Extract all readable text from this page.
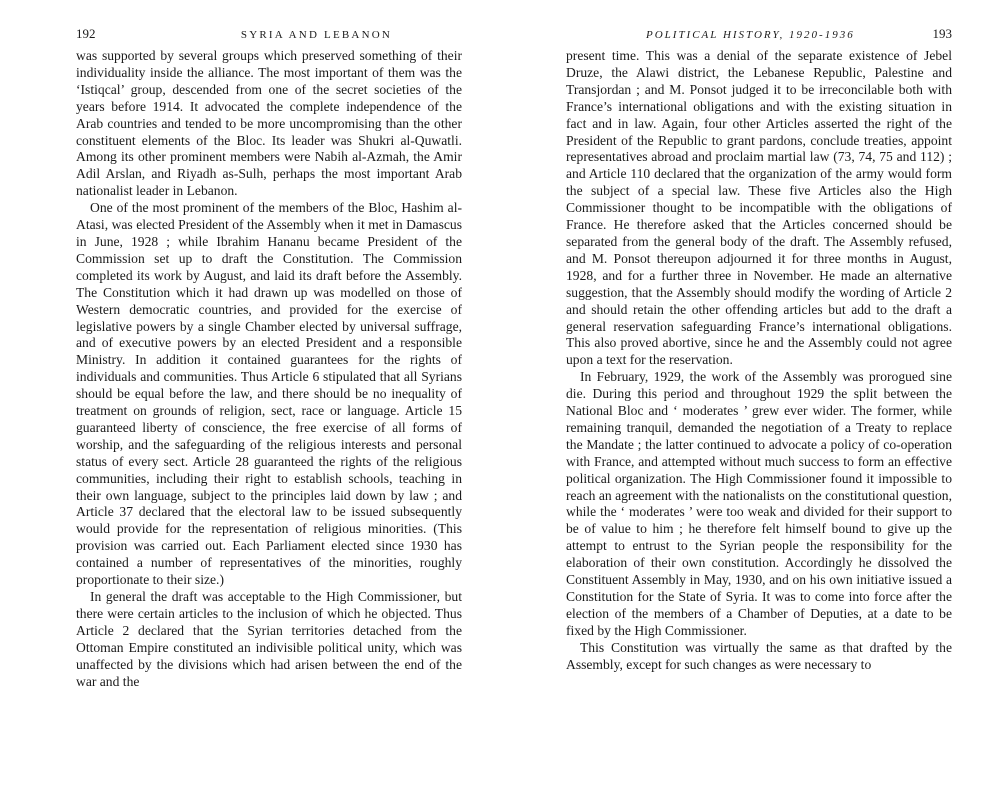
192	SYRIA AND LEBANON

was supported by several groups which preserved something of their individuality inside the alliance. The most important of them was the ‘Istiqcal’ group, descended from one of the secret societies of the years before 1914. It advocated the complete independence of the Arab countries and tended to be more uncompromising than the other constituent elements of the Bloc. Its leader was Shukri al-Quwatli. Among its other prominent members were Nabih al-Azmah, the Amir Adil Arslan, and Riyadh as-Sulh, perhaps the most important Arab nationalist leader in Lebanon.

One of the most prominent of the members of the Bloc, Hashim al-Atasi, was elected President of the Assembly when it met in Damascus in June, 1928 ; while Ibrahim Hananu became President of the Commission set up to draft the Constitution. The Commission completed its work by August, and laid its draft before the Assembly. The Constitution which it had drawn up was modelled on those of Western democratic countries, and provided for the exercise of legislative powers by a single Chamber elected by universal suffrage, and of executive powers by an elected President and a responsible Ministry. In addition it contained guarantees for the rights of individuals and communities. Thus Article 6 stipulated that all Syrians should be equal before the law, and there should be no inequality of treatment on grounds of religion, sect, race or language. Article 15 guaranteed liberty of conscience, the free exercise of all forms of worship, and the safeguarding of the religious interests and personal status of every sect. Article 28 guaranteed the rights of the religious communities, including their right to establish schools, teaching in their own language, subject to the principles laid down by law ; and Article 37 declared that the electoral law to be issued subsequently would provide for the representation of religious minorities. (This provision was carried out. Each Parliament elected since 1930 has contained a number of representatives of the minorities, roughly proportionate to their size.)

In general the draft was acceptable to the High Commissioner, but there were certain articles to the inclusion of which he objected. Thus Article 2 declared that the Syrian territories detached from the Ottoman Empire constituted an indivisible political unity, which was unaffected by the divisions which had arisen between the end of the war and the

POLITICAL HISTORY, 1920-1936	193

present time. This was a denial of the separate existence of Jebel Druze, the Alawi district, the Lebanese Republic, Palestine and Transjordan ; and M. Ponsot judged it to be irreconcilable both with France’s international obligations and with the existing situation in fact and in law. Again, four other Articles asserted the right of the President of the Republic to grant pardons, conclude treaties, appoint representatives abroad and proclaim martial law (73, 74, 75 and 112) ; and Article 110 declared that the organization of the army would form the subject of a special law. These five Articles also the High Commissioner thought to be incompatible with the obligations of France. He therefore asked that the Articles concerned should be separated from the general body of the draft. The Assembly refused, and M. Ponsot thereupon adjourned it for three months in August, 1928, and for a further three in November. He made an alternative suggestion, that the Assembly should modify the wording of Article 2 and should retain the other offending articles but add to the draft a general reservation safeguarding France’s international obligations. This also proved abortive, since he and the Assembly could not agree upon a text for the reservation.

In February, 1929, the work of the Assembly was prorogued sine die. During this period and throughout 1929 the split between the National Bloc and ‘ moderates ’ grew ever wider. The former, while remaining tranquil, demanded the negotiation of a Treaty to replace the Mandate ; the latter continued to advocate a policy of co-operation with France, and attempted without much success to form an effective political organization. The High Commissioner found it impossible to reach an agreement with the nationalists on the constitutional question, while the ‘ moderates ’ were too weak and divided for their support to be of value to him ; he therefore felt himself bound to give up the attempt to entrust to the Syrian people the responsibility for the elaboration of their own constitution. Accordingly he dissolved the Constituent Assembly in May, 1930, and on his own initiative issued a Constitution for the State of Syria. It was to come into force after the election of the members of a Chamber of Deputies, at a date to be fixed by the High Commissioner.

This Constitution was virtually the same as that drafted by the Assembly, except for such changes as were necessary to
